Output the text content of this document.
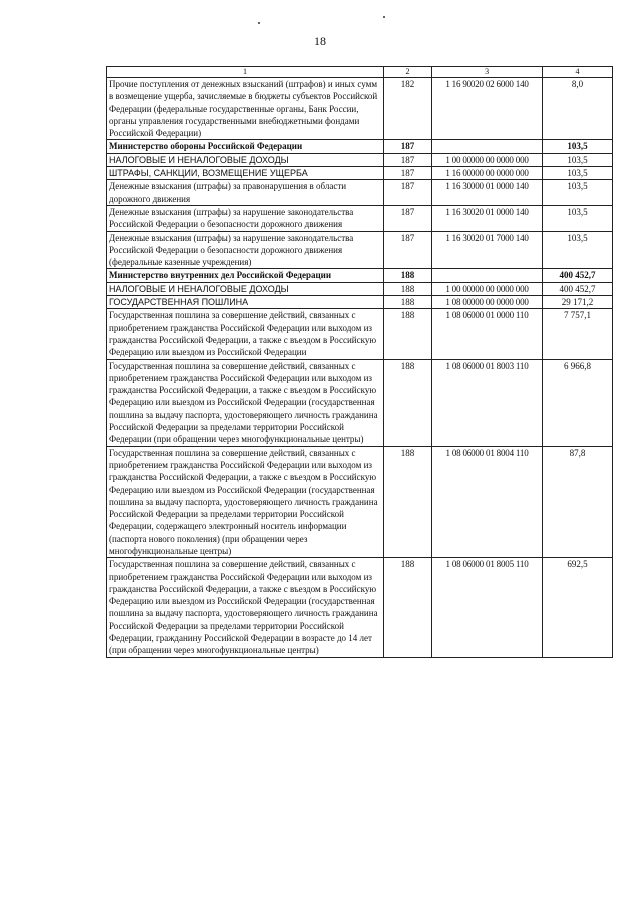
18
1	2	3	4
Прочие поступления от денежных взысканий (штрафов) и иных сумм в возмещение ущерба, зачисляемые в бюджеты субъектов Российской Федерации (федеральные государственные органы, Банк России, органы управления государственными внебюджетными фондами Российской Федерации)	182	1 16 90020 02 6000 140	8,0
Министерство обороны Российской Федерации	187		103,5
НАЛОГОВЫЕ И НЕНАЛОГОВЫЕ ДОХОДЫ	187	1 00 00000 00 0000 000	103,5
ШТРАФЫ, САНКЦИИ, ВОЗМЕЩЕНИЕ УЩЕРБА	187	1 16 00000 00 0000 000	103,5
Денежные взыскания (штрафы) за правонарушения в области дорожного движения	187	1 16 30000 01 0000 140	103,5
Денежные взыскания (штрафы) за нарушение законодательства Российской Федерации о безопасности дорожного движения	187	1 16 30020 01 0000 140	103,5
Денежные взыскания (штрафы) за нарушение законодательства Российской Федерации о безопасности дорожного движения (федеральные казенные учреждения)	187	1 16 30020 01 7000 140	103,5
Министерство внутренних дел Российской Федерации	188		400 452,7
НАЛОГОВЫЕ И НЕНАЛОГОВЫЕ ДОХОДЫ	188	1 00 00000 00 0000 000	400 452,7
ГОСУДАРСТВЕННАЯ ПОШЛИНА	188	1 08 00000 00 0000 000	29 171,2
Государственная пошлина за совершение действий, связанных с приобретением гражданства Российской Федерации или выходом из гражданства Российской Федерации, а также с въездом в Российскую Федерацию или выездом из Российской Федерации	188	1 08 06000 01 0000 110	7 757,1
Государственная пошлина за совершение действий, связанных с приобретением гражданства Российской Федерации или выходом из гражданства Российской Федерации, а также с въездом в Российскую Федерацию или выездом из Российской Федерации (государственная пошлина за выдачу паспорта, удостоверяющего личность гражданина Российской Федерации за пределами территории Российской Федерации (при обращении через многофункциональные центры)	188	1 08 06000 01 8003 110	6 966,8
Государственная пошлина за совершение действий, связанных с приобретением гражданства Российской Федерации или выходом из гражданства Российской Федерации, а также с въездом в Российскую Федерацию или выездом из Российской Федерации (государственная пошлина за выдачу паспорта, удостоверяющего личность гражданина Российской Федерации за пределами территории Российской Федерации, содержащего электронный носитель информации (паспорта нового поколения) (при обращении через многофункциональные центры)	188	1 08 06000 01 8004 110	87,8
Государственная пошлина за совершение действий, связанных с приобретением гражданства Российской Федерации или выходом из гражданства Российской Федерации, а также с въездом в Российскую Федерацию или выездом из Российской Федерации (государственная пошлина за выдачу паспорта, удостоверяющего личность гражданина Российской Федерации за пределами территории Российской Федерации, гражданину Российской Федерации в возрасте до 14 лет (при обращении через многофункциональные центры)	188	1 08 06000 01 8005 110	692,5
